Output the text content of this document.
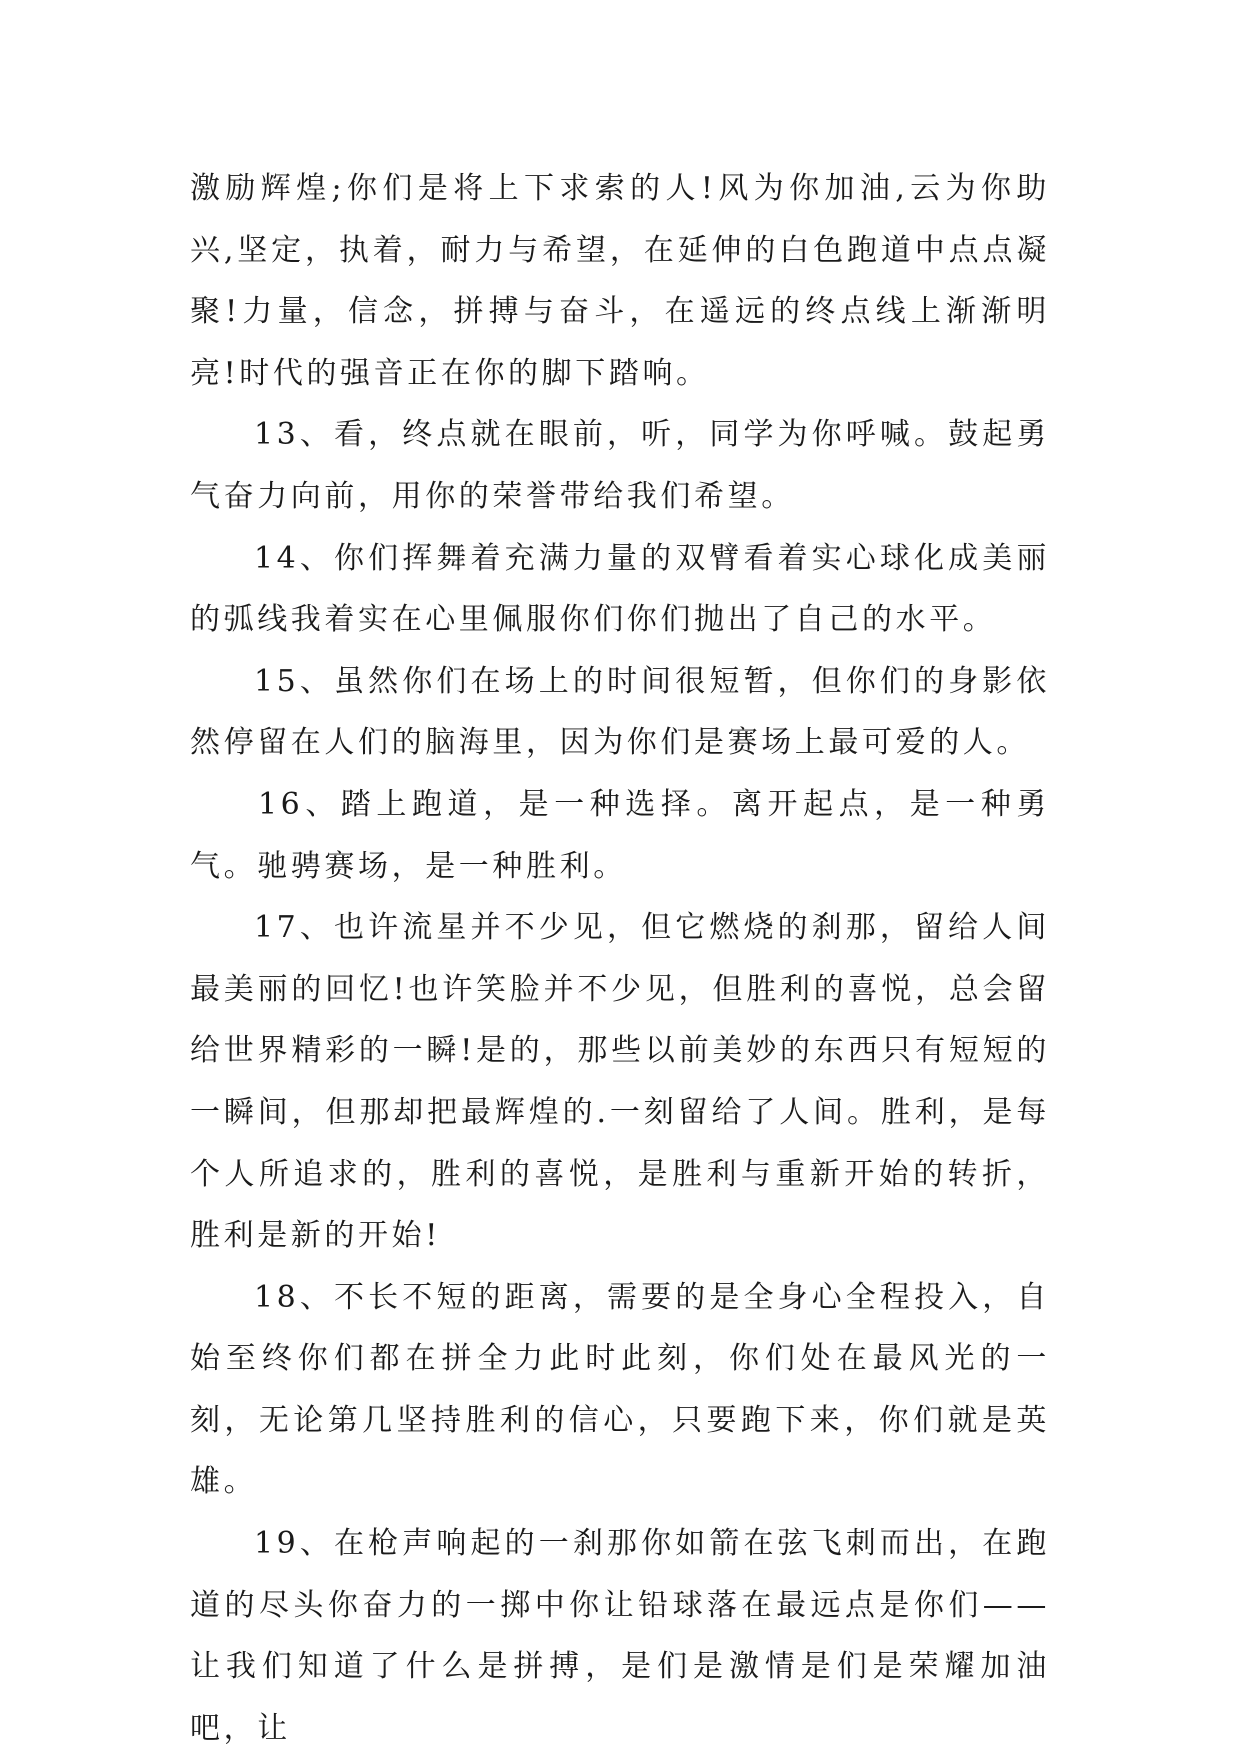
激励辉煌;你们是将上下求索的人!风为你加油,云为你助兴,坚定，执着，耐力与希望，在延伸的白色跑道中点点凝聚!力量，信念，拼搏与奋斗，在遥远的终点线上渐渐明亮!时代的强音正在你的脚下踏响。

13、看，终点就在眼前，听，同学为你呼喊。鼓起勇气奋力向前，用你的荣誉带给我们希望。

14、你们挥舞着充满力量的双臂看着实心球化成美丽的弧线我着实在心里佩服你们你们抛出了自己的水平。

15、虽然你们在场上的时间很短暂，但你们的身影依然停留在人们的脑海里，因为你们是赛场上最可爱的人。

16、踏上跑道，是一种选择。离开起点，是一种勇气。驰骋赛场，是一种胜利。

17、也许流星并不少见，但它燃烧的刹那，留给人间最美丽的回忆!也许笑脸并不少见，但胜利的喜悦，总会留给世界精彩的一瞬!是的，那些以前美妙的东西只有短短的一瞬间，但那却把最辉煌的.一刻留给了人间。胜利，是每个人所追求的，胜利的喜悦，是胜利与重新开始的转折，胜利是新的开始!

18、不长不短的距离，需要的是全身心全程投入，自始至终你们都在拼全力此时此刻，你们处在最风光的一刻，无论第几坚持胜利的信心，只要跑下来，你们就是英雄。

19、在枪声响起的一刹那你如箭在弦飞刺而出，在跑道的尽头你奋力的一掷中你让铅球落在最远点是你们——让我们知道了什么是拼搏，是们是激情是们是荣耀加油吧，让
